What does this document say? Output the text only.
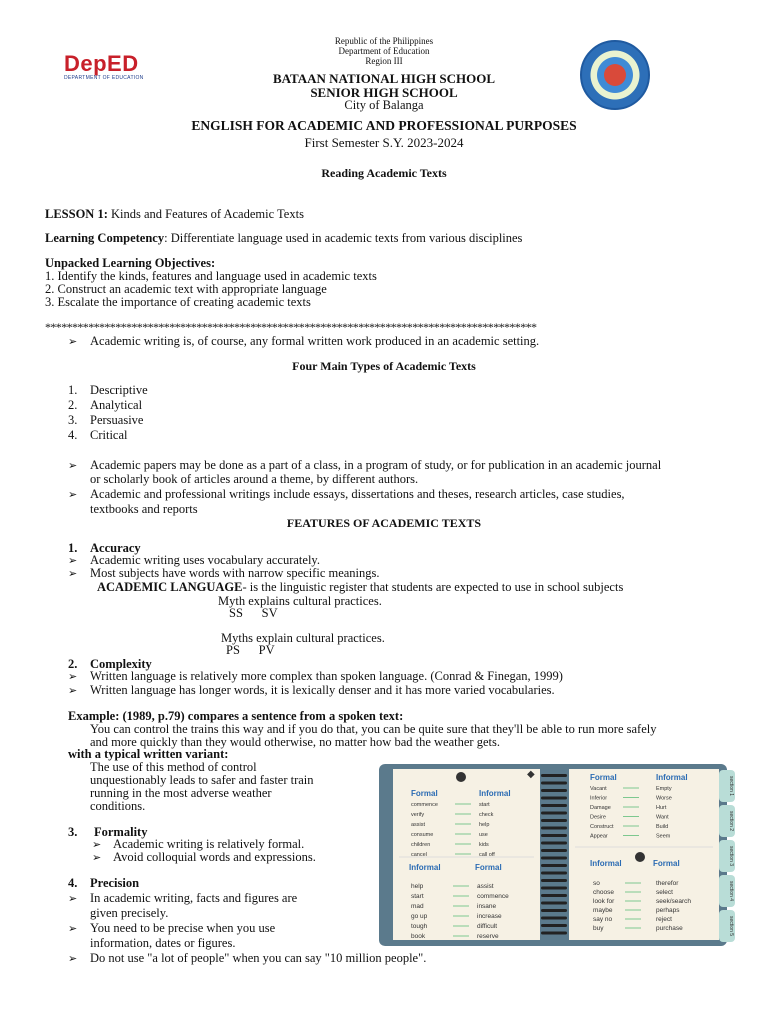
DepED
DEPARTMENT OF EDUCATION
Republic of the Philippines
Department of Education
Region III
BATAAN NATIONAL HIGH SCHOOL
SENIOR HIGH SCHOOL
City of Balanga
ENGLISH FOR ACADEMIC AND PROFESSIONAL PURPOSES
First Semester S.Y. 2023-2024
Reading Academic Texts
LESSON 1: Kinds and Features of Academic Texts
Learning Competency: Differentiate language used in academic texts from various disciplines
Unpacked Learning Objectives:
1. Identify the kinds, features and language used in academic texts
2. Construct an academic text with appropriate language
3. Escalate the importance of creating academic texts
*******************************************************************************************
➢ Academic writing is, of course, any formal written work produced in an academic setting.
Four Main Types of Academic Texts
1. Descriptive
2. Analytical
3. Persuasive
4. Critical
➢ Academic papers may be done as a part of a class, in a program of study, or for publication in an academic journal
or scholarly book of articles around a theme, by different authors.
➢ Academic and professional writings include essays, dissertations and theses, research articles, case studies,
textbooks and reports
FEATURES OF ACADEMIC TEXTS
1. Accuracy
➢ Academic writing uses vocabulary accurately.
➢ Most subjects have words with narrow specific meanings.
ACADEMIC LANGUAGE- is the linguistic register that students are expected to use in school subjects
Myth explains cultural practices.
SS      SV
Myths explain cultural practices.
PS      PV
2. Complexity
➢ Written language is relatively more complex than spoken language. (Conrad & Finegan, 1999)
➢ Written language has longer words, it is lexically denser and it has more varied vocabularies.
Example: (1989, p.79) compares a sentence from a spoken text:
You can control the trains this way and if you do that, you can be quite sure that they'll be able to run more safely
and more quickly than they would otherwise, no matter how bad the weather gets.
with a typical written variant:
The use of this method of control
unquestionably leads to safer and faster train
running in the most adverse weather
conditions.
3. Formality
➢ Academic writing is relatively formal.
➢ Avoid colloquial words and expressions.
4. Precision
➢ In academic writing, facts and figures are
given precisely.
➢ You need to be precise when you use
information, dates or figures.
➢ Do not use "a lot of people" when you can say "10 million people".
section 1
section 2
section 3
section 4
section 5
Formal	Informal
commence	start
verify	check
assist	help
consume	use
children	kids
cancel	call off
Informal	Formal
help	assist
start	commence
mad	insane
go up	increase
tough	difficult
book	reserve
Formal	Informal
Vacant	Empty
Inferior	Worse
Damage	Hurt
Desire	Want
Construct	Build
Appear	Seem
Informal	Formal
so	therefor
choose	select
look for	seek/search
maybe	perhaps
say no	reject
buy	purchase
◆
